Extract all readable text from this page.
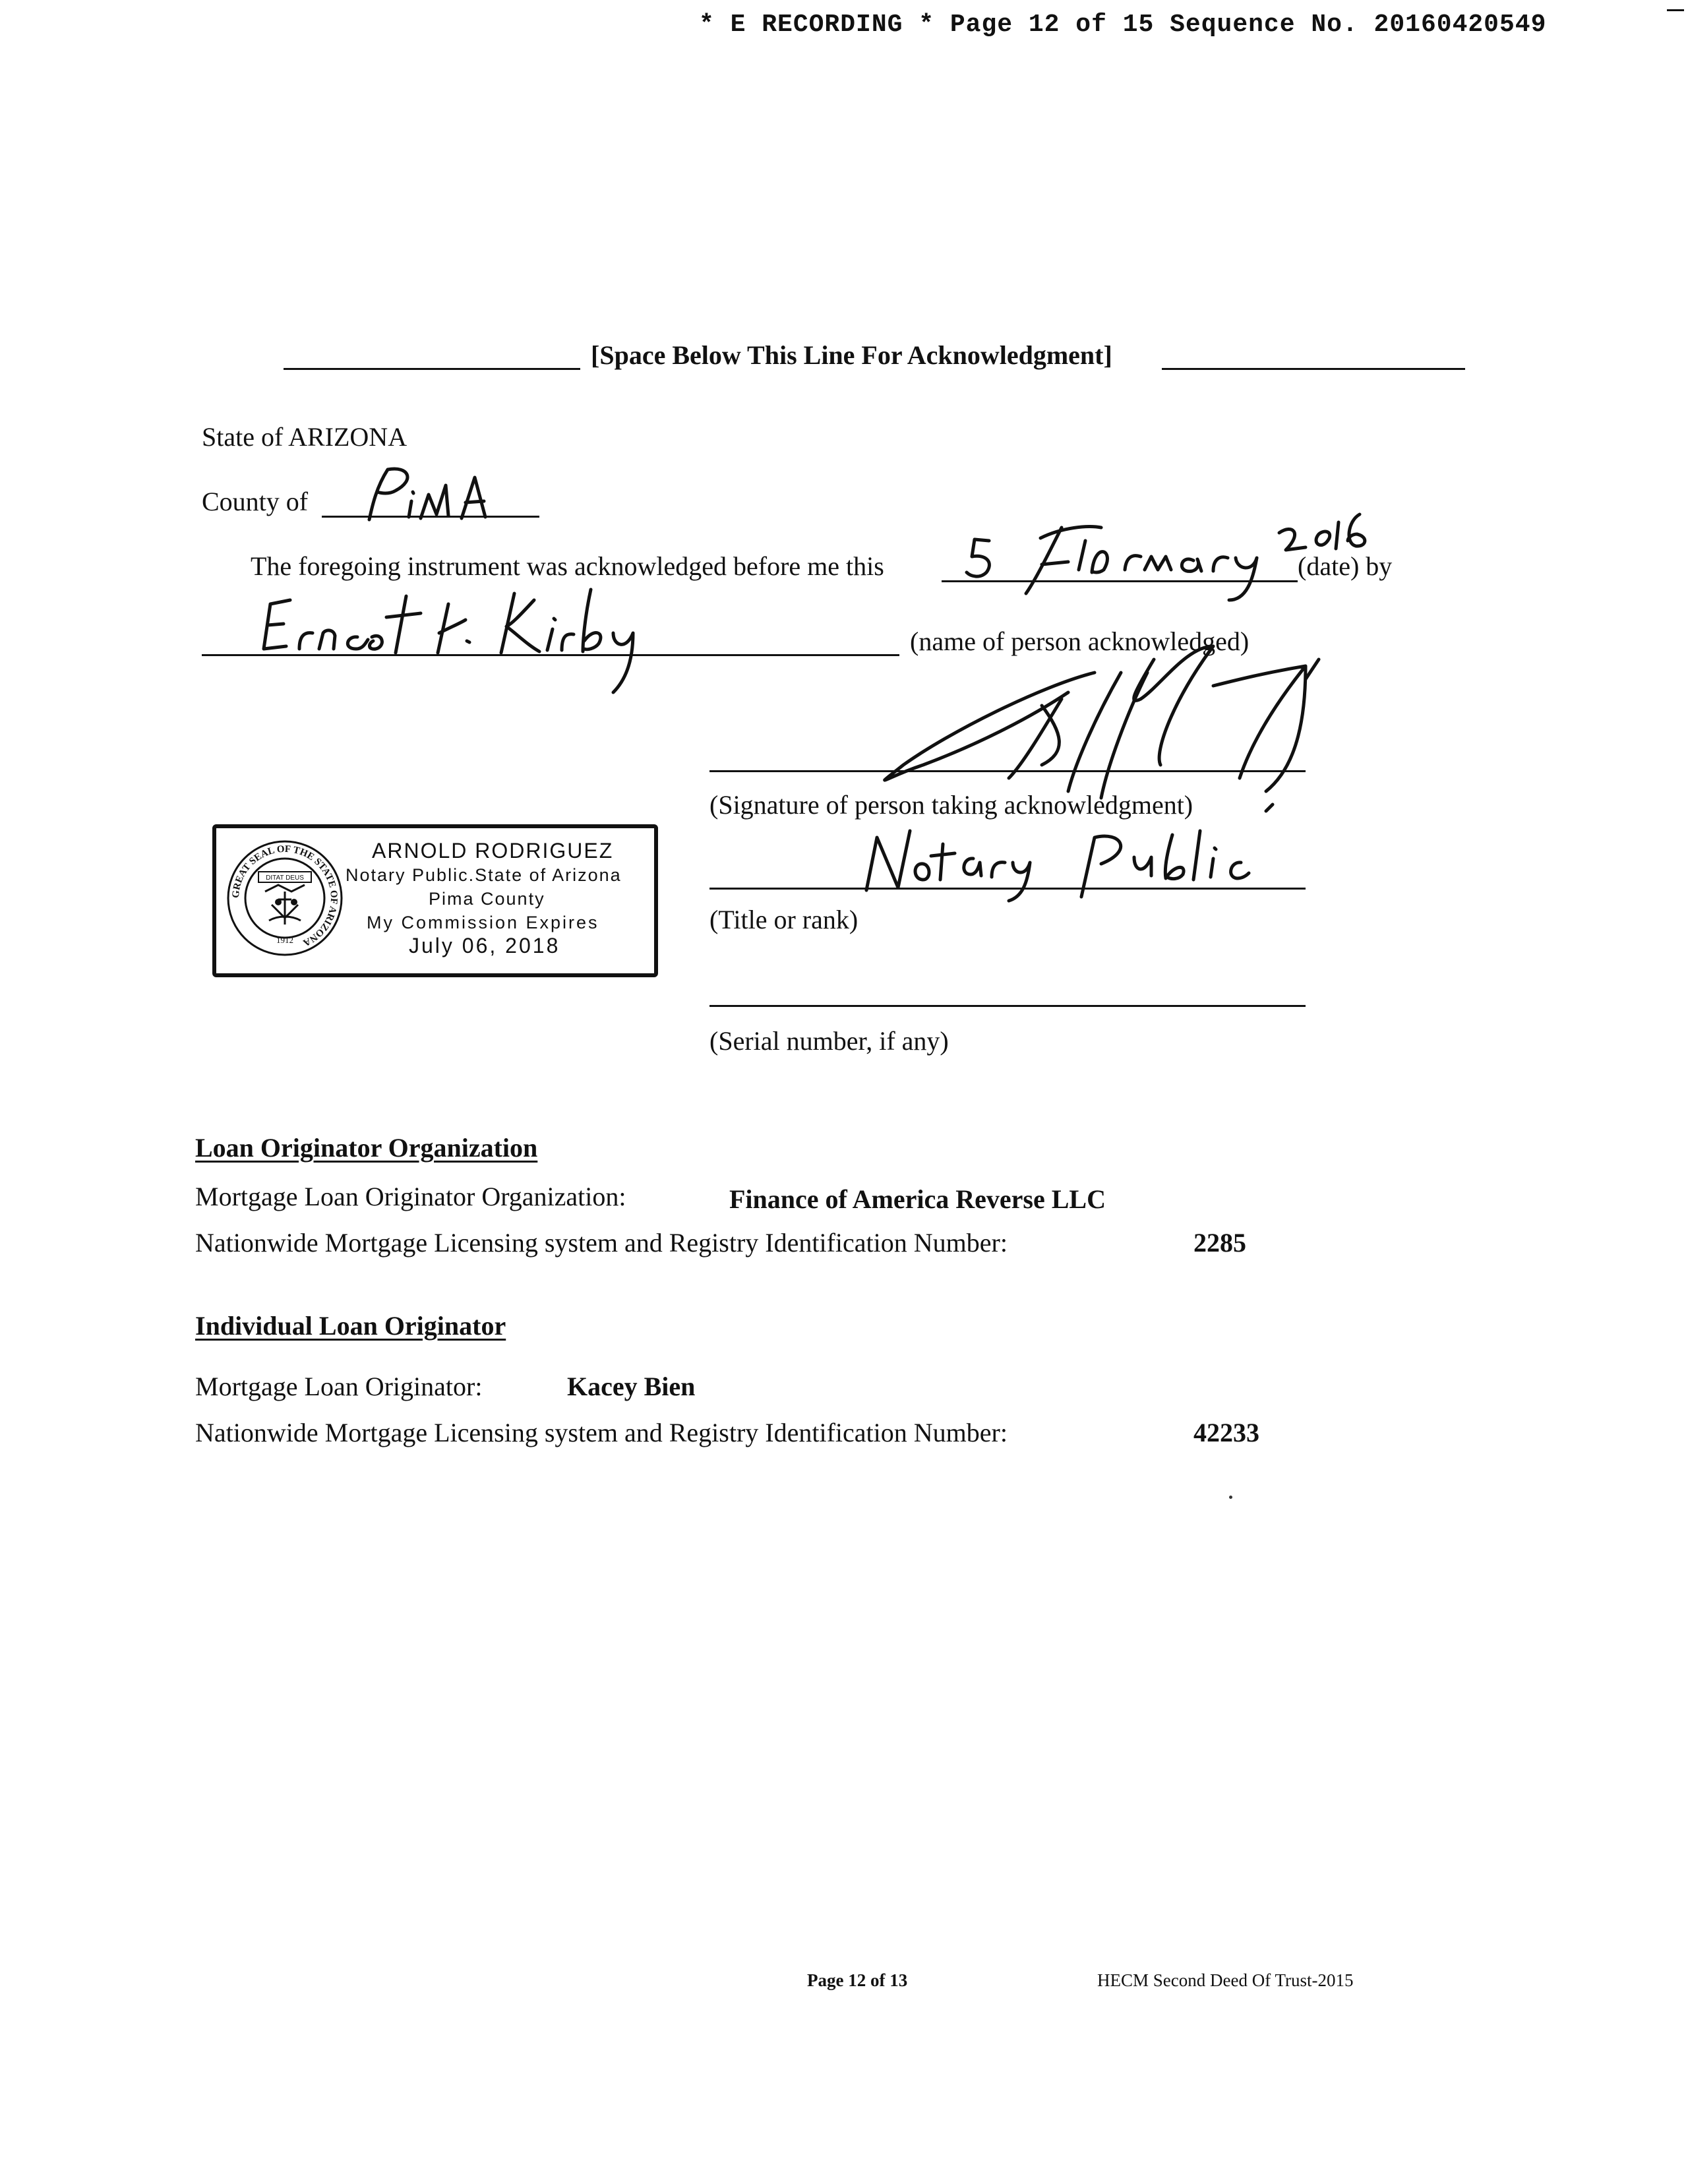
* E RECORDING * Page 12 of 15 Sequence No. 20160420549
[Space Below This Line For Acknowledgment]
State of ARIZONA
County of
The foregoing instrument was acknowledged before me this	(date) by
(name of person acknowledged)
(Signature of person taking acknowledgment)
(Title or rank)
(Serial number, if any)
GREAT SEAL OF THE STATE OF ARIZONA
DITAT DEUS
1912
ARNOLD RODRIGUEZ
Notary Public.State of Arizona
Pima County
My Commission Expires
July 06, 2018
Loan Originator Organization
Mortgage Loan Originator Organization:	Finance of America Reverse LLC
Nationwide Mortgage Licensing system and Registry Identification Number:	2285
Individual Loan Originator
Mortgage Loan Originator:	Kacey Bien
Nationwide Mortgage Licensing system and Registry Identification Number:	42233
Page 12 of 13	HECM Second Deed Of Trust-2015
